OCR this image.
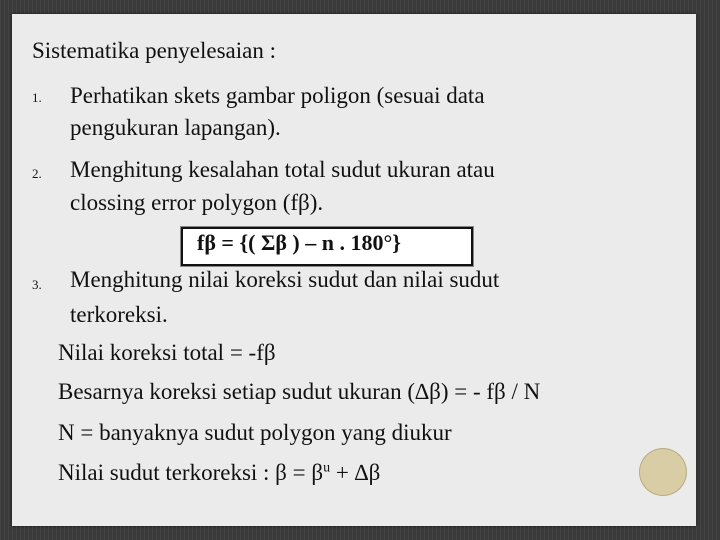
Sistematika penyelesaian :
1. Perhatikan skets gambar poligon (sesuai data
pengukuran lapangan).
2. Menghitung kesalahan total sudut ukuran atau
clossing error polygon (fβ).
fβ = {( Σβ ) – n . 180°}
3. Menghitung nilai koreksi sudut dan nilai sudut
terkoreksi.
Nilai koreksi total = -fβ
Besarnya koreksi setiap sudut ukuran (∆β) = - fβ / N
N = banyaknya sudut polygon yang diukur
Nilai sudut terkoreksi : $\beta = \beta^u + \Delta\beta$
